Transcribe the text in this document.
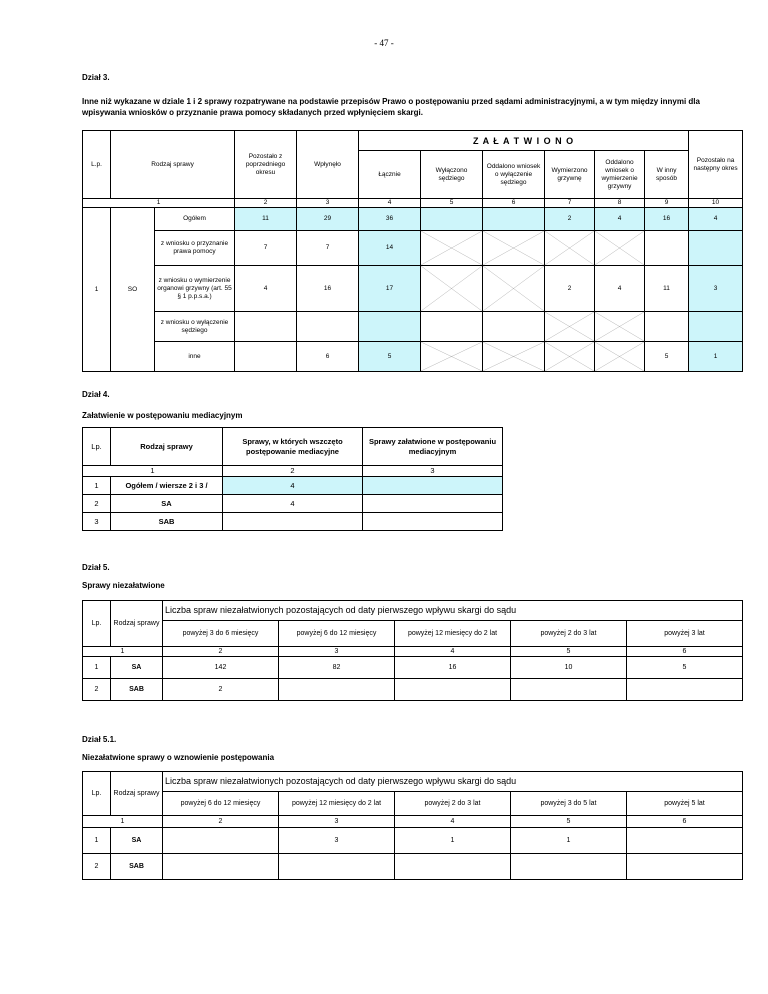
- 47 -
Dział 3.
Inne niż wykazane w dziale 1 i 2 sprawy rozpatrywane na podstawie przepisów Prawo o postępowaniu przed sądami administracyjnymi, a w tym między innymi dla wpisywania wniosków o przyznanie prawa pomocy składanych przed wpłynięciem skargi.
L.p.	Rodzaj sprawy		Pozostało z poprzedniego okresu	Wpłynęło	Z A Ł A T W I O N O						Pozostało na następny okres
					Łącznie	Wyłączono sędziego	Oddalono wniosek o wyłączenie sędziego	Wymierzono grzywnę	Oddalono wniosek o wymierzenie grzywny	W inny sposób	
1			2	3	4	5	6	7	8	9	10
1	SO	Ogółem	11	29	36			2	4	16	4
		z wniosku o przyznanie prawa pomocy	7	7	14	

		z wniosku o wymierzenie organowi grzywny (art. 55 § 1 p.p.s.a.)	4	16	17			2	4	11	3
		z wniosku o wyłączenie sędziego						

		inne		6	5					5	1
Dział 4.
Załatwienie w postępowaniu mediacyjnym
Lp.	Rodzaj sprawy	Sprawy, w których wszczęto postępowanie mediacyjne	Sprawy załatwione w postępowaniu mediacyjnym
1		2	3
1	Ogółem / wiersze 2 i 3 /	4	
2	SA	4	
3	SAB		
Dział 5.
Sprawy niezałatwione
Lp.	Rodzaj sprawy	Liczba spraw niezałatwionych pozostających od daty pierwszego wpływu skargi do sądu				
		powyżej 3 do 6 miesięcy	powyżej 6 do 12 miesięcy	powyżej 12 miesięcy do 2 lat	powyżej 2 do 3 lat	powyżej 3 lat
1		2	3	4	5	6
1	SA	142	82	16	10	5
2	SAB	2				
Dział 5.1.
Niezałatwione sprawy o wznowienie postępowania
Lp.	Rodzaj sprawy	Liczba spraw niezałatwionych pozostających od daty pierwszego wpływu skargi do sądu				
		powyżej 6 do 12 miesięcy	powyżej 12 miesięcy do 2 lat	powyżej 2 do 3 lat	powyżej 3 do 5 lat	powyżej 5 lat
1		2	3	4	5	6
1	SA		3	1	1	
2	SAB					
